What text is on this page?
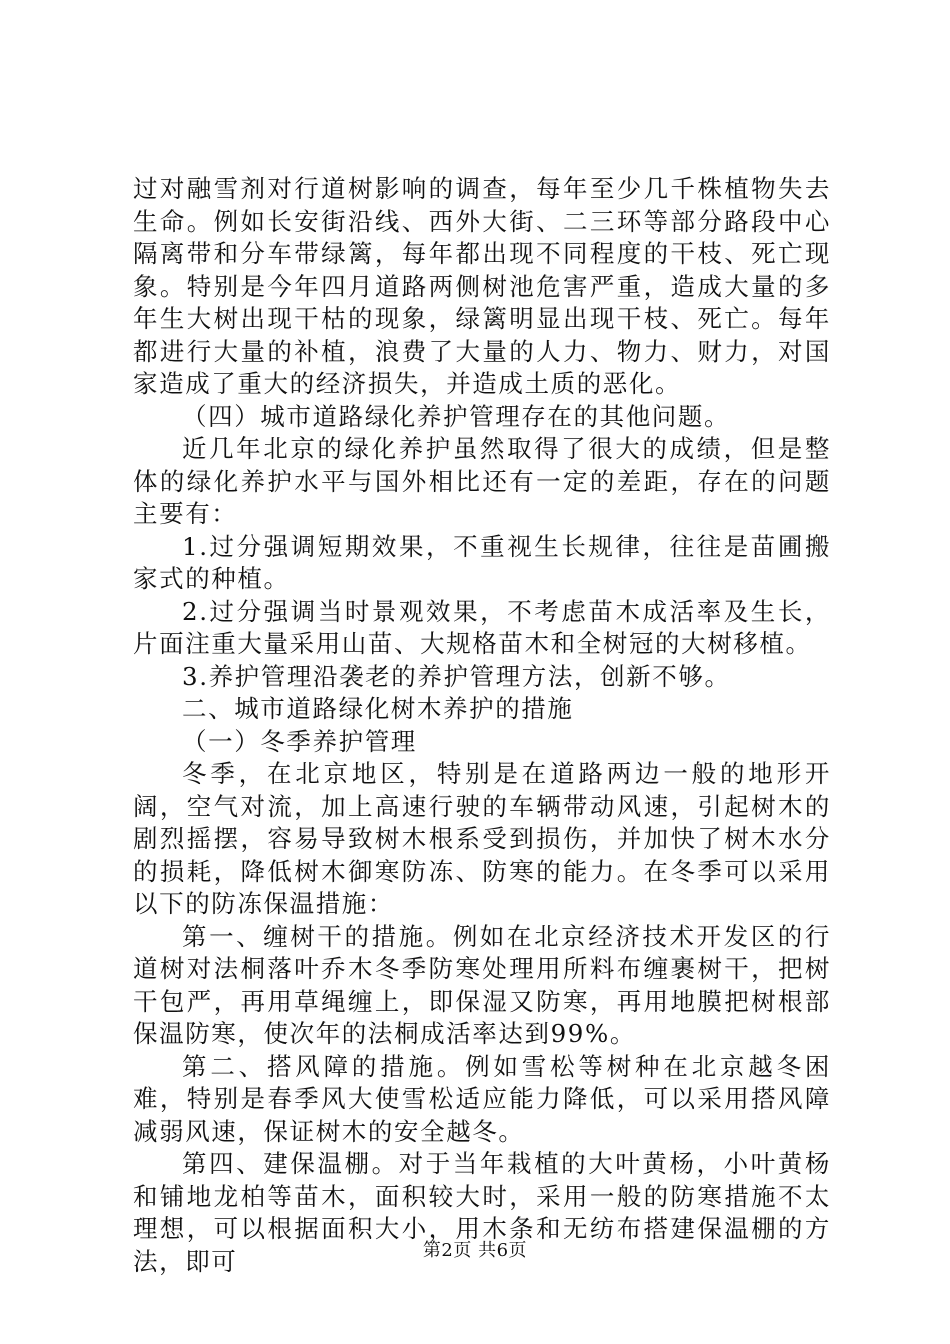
过对融雪剂对行道树影响的调查，每年至少几千株植物失去生命。例如长安街沿线、西外大街、二三环等部分路段中心隔离带和分车带绿篱，每年都出现不同程度的干枝、死亡现象。特别是今年四月道路两侧树池危害严重，造成大量的多年生大树出现干枯的现象，绿篱明显出现干枝、死亡。每年都进行大量的补植，浪费了大量的人力、物力、财力，对国家造成了重大的经济损失，并造成土质的恶化。

（四）城市道路绿化养护管理存在的其他问题。

近几年北京的绿化养护虽然取得了很大的成绩，但是整体的绿化养护水平与国外相比还有一定的差距，存在的问题主要有：

1.过分强调短期效果，不重视生长规律，往往是苗圃搬家式的种植。

2.过分强调当时景观效果，不考虑苗木成活率及生长，片面注重大量采用山苗、大规格苗木和全树冠的大树移植。

3.养护管理沿袭老的养护管理方法，创新不够。

二、城市道路绿化树木养护的措施

（一）冬季养护管理

冬季，在北京地区，特别是在道路两边一般的地形开阔，空气对流，加上高速行驶的车辆带动风速，引起树木的剧烈摇摆，容易导致树木根系受到损伤，并加快了树木水分的损耗，降低树木御寒防冻、防寒的能力。在冬季可以采用以下的防冻保温措施：

第一、缠树干的措施。例如在北京经济技术开发区的行道树对法桐落叶乔木冬季防寒处理用所料布缠裹树干，把树干包严，再用草绳缠上，即保湿又防寒，再用地膜把树根部保温防寒，使次年的法桐成活率达到99%。

第二、搭风障的措施。例如雪松等树种在北京越冬困难，特别是春季风大使雪松适应能力降低，可以采用搭风障减弱风速，保证树木的安全越冬。

第四、建保温棚。对于当年栽植的大叶黄杨，小叶黄杨和铺地龙柏等苗木，面积较大时，采用一般的防寒措施不太理想，可以根据面积大小，用木条和无纺布搭建保温棚的方法，即可	第2页 共6页
